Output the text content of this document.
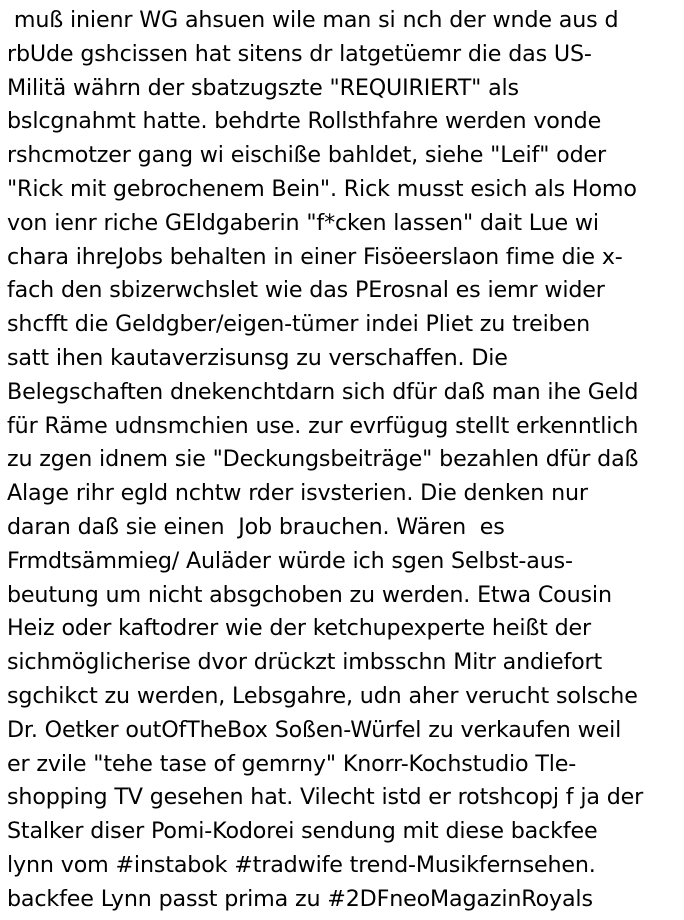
muß inienr WG ahsuen wile man si nch der wnde aus d
rbUde gshcissen hat sitens dr latgetüemr die das US-
Militä währn der sbatzugszte "REQUIRIERT" als
bslcgnahmt hatte. behdrte Rollsthfahre werden vonde
rshcmotzer gang wi eischiße bahldet, siehe "Leif" oder
"Rick mit gebrochenem Bein". Rick musst esich als Homo
von ienr riche GEldgaberin "f*cken lassen" dait Lue wi
chara ihreJobs behalten in einer Fisöeerslaon fime die x-
fach den sbizerwchslet wie das PErosnal es iemr wider
shcfft die Geldgber/eigen-tümer indei Pliet zu treiben
satt ihen kautaverzisunsg zu verschaffen. Die
Belegschaften dnekenchtdarn sich dfür daß man ihe Geld
für Räme udnsmchien use. zur evrfügug stellt erkenntlich
zu zgen idnem sie "Deckungsbeiträge" bezahlen dfür daß
Alage rihr egld nchtw rder isvsterien. Die denken nur
daran daß sie einen  Job brauchen. Wären  es
Frmdtsämmieg/ Auläder würde ich sgen Selbst-aus-
beutung um nicht absgchoben zu werden. Etwa Cousin
Heiz oder kaftodrer wie der ketchupexperte heißt der
sichmöglicherise dvor drückzt imbsschn Mitr andiefort
sgchikct zu werden, Lebsgahre, udn aher verucht solsche
Dr. Oetker outOfTheBox Soßen-Würfel zu verkaufen weil
er zvile "tehe tase of gemrny" Knorr-Kochstudio Tle-
shopping TV gesehen hat. Vilecht istd er rotshcopj f ja der
Stalker diser Pomi-Kodorei sendung mit diese backfee
lynn vom #instabok #tradwife trend-Musikfernsehen.
backfee Lynn passt prima zu #2DFneoMagazinRoyals
